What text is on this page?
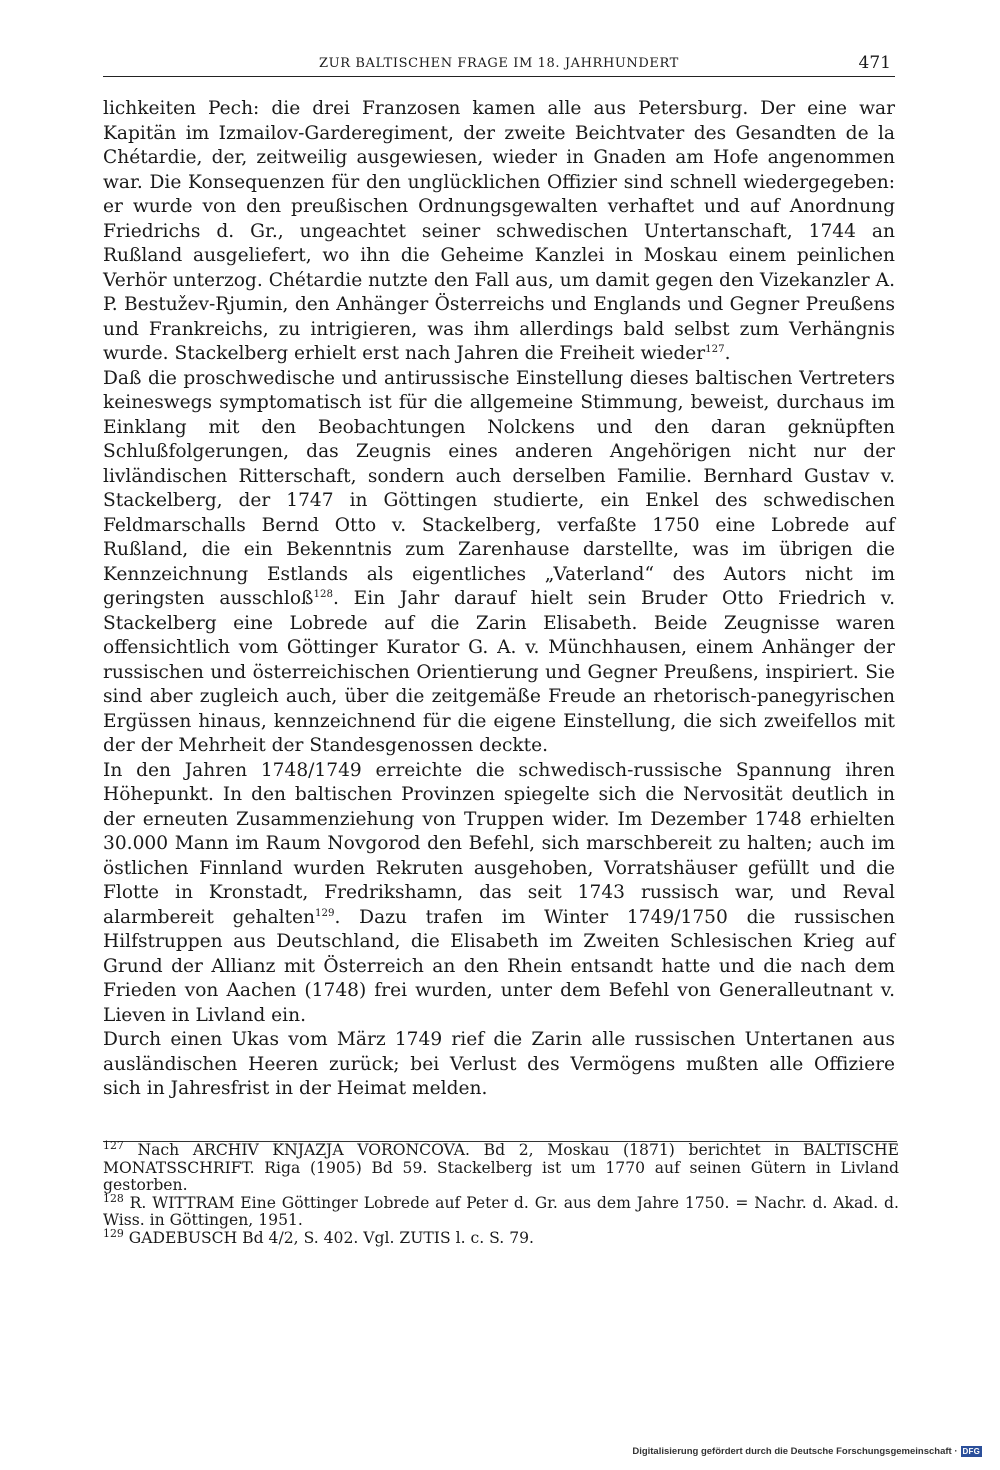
ZUR BALTISCHEN FRAGE IM 18. JAHRHUNDERT	471

lichkeiten Pech: die drei Franzosen kamen alle aus Petersburg. Der eine war Kapitän im Izmailov-Garderegiment, der zweite Beichtvater des Gesandten de la Chétardie, der, zeitweilig ausgewiesen, wieder in Gnaden am Hofe angenommen war. Die Konsequenzen für den unglücklichen Offizier sind schnell wiedergegeben: er wurde von den preußischen Ordnungsgewalten verhaftet und auf Anordnung Friedrichs d. Gr., ungeachtet seiner schwedischen Untertanschaft, 1744 an Rußland ausgeliefert, wo ihn die Geheime Kanzlei in Moskau einem peinlichen Verhör unterzog. Chétardie nutzte den Fall aus, um damit gegen den Vizekanzler A. P. Bestužev-Rjumin, den Anhänger Österreichs und Englands und Gegner Preußens und Frankreichs, zu intrigieren, was ihm allerdings bald selbst zum Verhängnis wurde. Stackelberg erhielt erst nach Jahren die Freiheit wieder$^{127}$.

Daß die proschwedische und antirussische Einstellung dieses baltischen Vertreters keineswegs symptomatisch ist für die allgemeine Stimmung, beweist, durchaus im Einklang mit den Beobachtungen Nolckens und den daran geknüpften Schlußfolgerungen, das Zeugnis eines anderen Angehörigen nicht nur der livländischen Ritterschaft, sondern auch derselben Familie. Bernhard Gustav v. Stackelberg, der 1747 in Göttingen studierte, ein Enkel des schwedischen Feldmarschalls Bernd Otto v. Stackelberg, verfaßte 1750 eine Lobrede auf Rußland, die ein Bekenntnis zum Zarenhause darstellte, was im übrigen die Kennzeichnung Estlands als eigentliches „Vaterland“ des Autors nicht im geringsten ausschloß$^{128}$. Ein Jahr darauf hielt sein Bruder Otto Friedrich v. Stackelberg eine Lobrede auf die Zarin Elisabeth. Beide Zeugnisse waren offensichtlich vom Göttinger Kurator G. A. v. Münchhausen, einem Anhänger der russischen und österreichischen Orientierung und Gegner Preußens, inspiriert. Sie sind aber zugleich auch, über die zeitgemäße Freude an rhetorisch-panegyrischen Ergüssen hinaus, kennzeichnend für die eigene Einstellung, die sich zweifellos mit der der Mehrheit der Standesgenossen deckte.

In den Jahren 1748/1749 erreichte die schwedisch-russische Spannung ihren Höhepunkt. In den baltischen Provinzen spiegelte sich die Nervosität deutlich in der erneuten Zusammenziehung von Truppen wider. Im Dezember 1748 erhielten 30.000 Mann im Raum Novgorod den Befehl, sich marschbereit zu halten; auch im östlichen Finnland wurden Rekruten ausgehoben, Vorratshäuser gefüllt und die Flotte in Kronstadt, Fredrikshamn, das seit 1743 russisch war, und Reval alarmbereit gehalten$^{129}$. Dazu trafen im Winter 1749/1750 die russischen Hilfstruppen aus Deutschland, die Elisabeth im Zweiten Schlesischen Krieg auf Grund der Allianz mit Österreich an den Rhein entsandt hatte und die nach dem Frieden von Aachen (1748) frei wurden, unter dem Befehl von Generalleutnant v. Lieven in Livland ein.

Durch einen Ukas vom März 1749 rief die Zarin alle russischen Untertanen aus ausländischen Heeren zurück; bei Verlust des Vermögens mußten alle Offiziere sich in Jahresfrist in der Heimat melden.

$^{127}$ Nach ARCHIV KNJAZJA VORONCOVA. Bd 2, Moskau (1871) berichtet in BALTISCHE MONATSSCHRIFT. Riga (1905) Bd 59. Stackelberg ist um 1770 auf seinen Gütern in Livland gestorben.

$^{128}$ R. WITTRAM Eine Göttinger Lobrede auf Peter d. Gr. aus dem Jahre 1750. = Nachr. d. Akad. d. Wiss. in Göttingen, 1951.

$^{129}$ GADEBUSCH Bd 4/2, S. 402. Vgl. ZUTIS l. c. S. 79.

Digitalisierung gefördert durch die Deutsche Forschungsgemeinschaft · DFG
